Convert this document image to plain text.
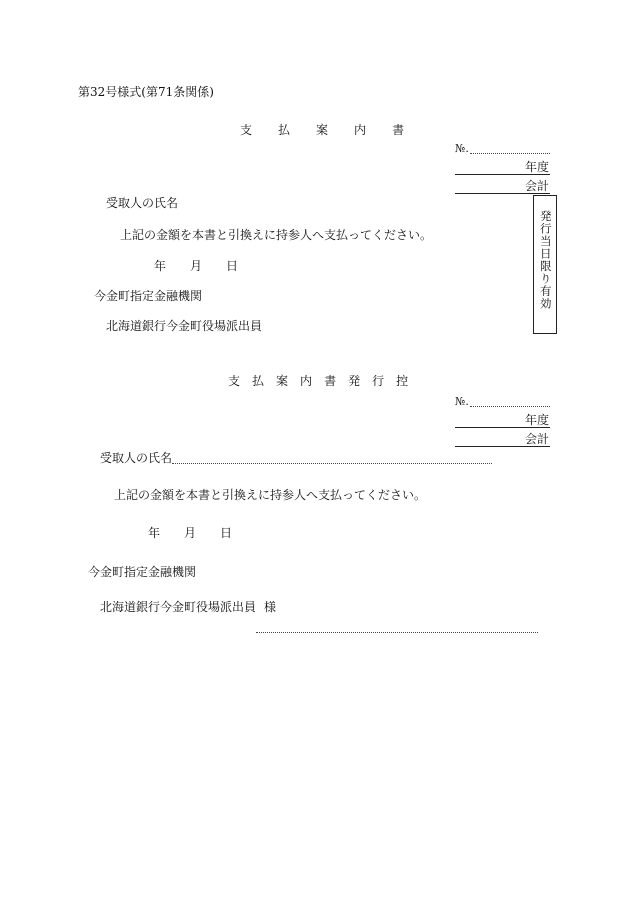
第32号様式(第71条関係)
支 払 案 内 書
№.
年度
会計
発行当日限り有効
受取人の氏名
上記の金額を本書と引換えに持参人へ支払ってください。
年 月 日
今金町指定金融機関
北海道銀行今金町役場派出員
支 払 案 内 書 発 行 控
№.
年度
会計
受取人の氏名
上記の金額を本書と引換えに持参人へ支払ってください。
年 月 日
今金町指定金融機関
北海道銀行今金町役場派出員 様
